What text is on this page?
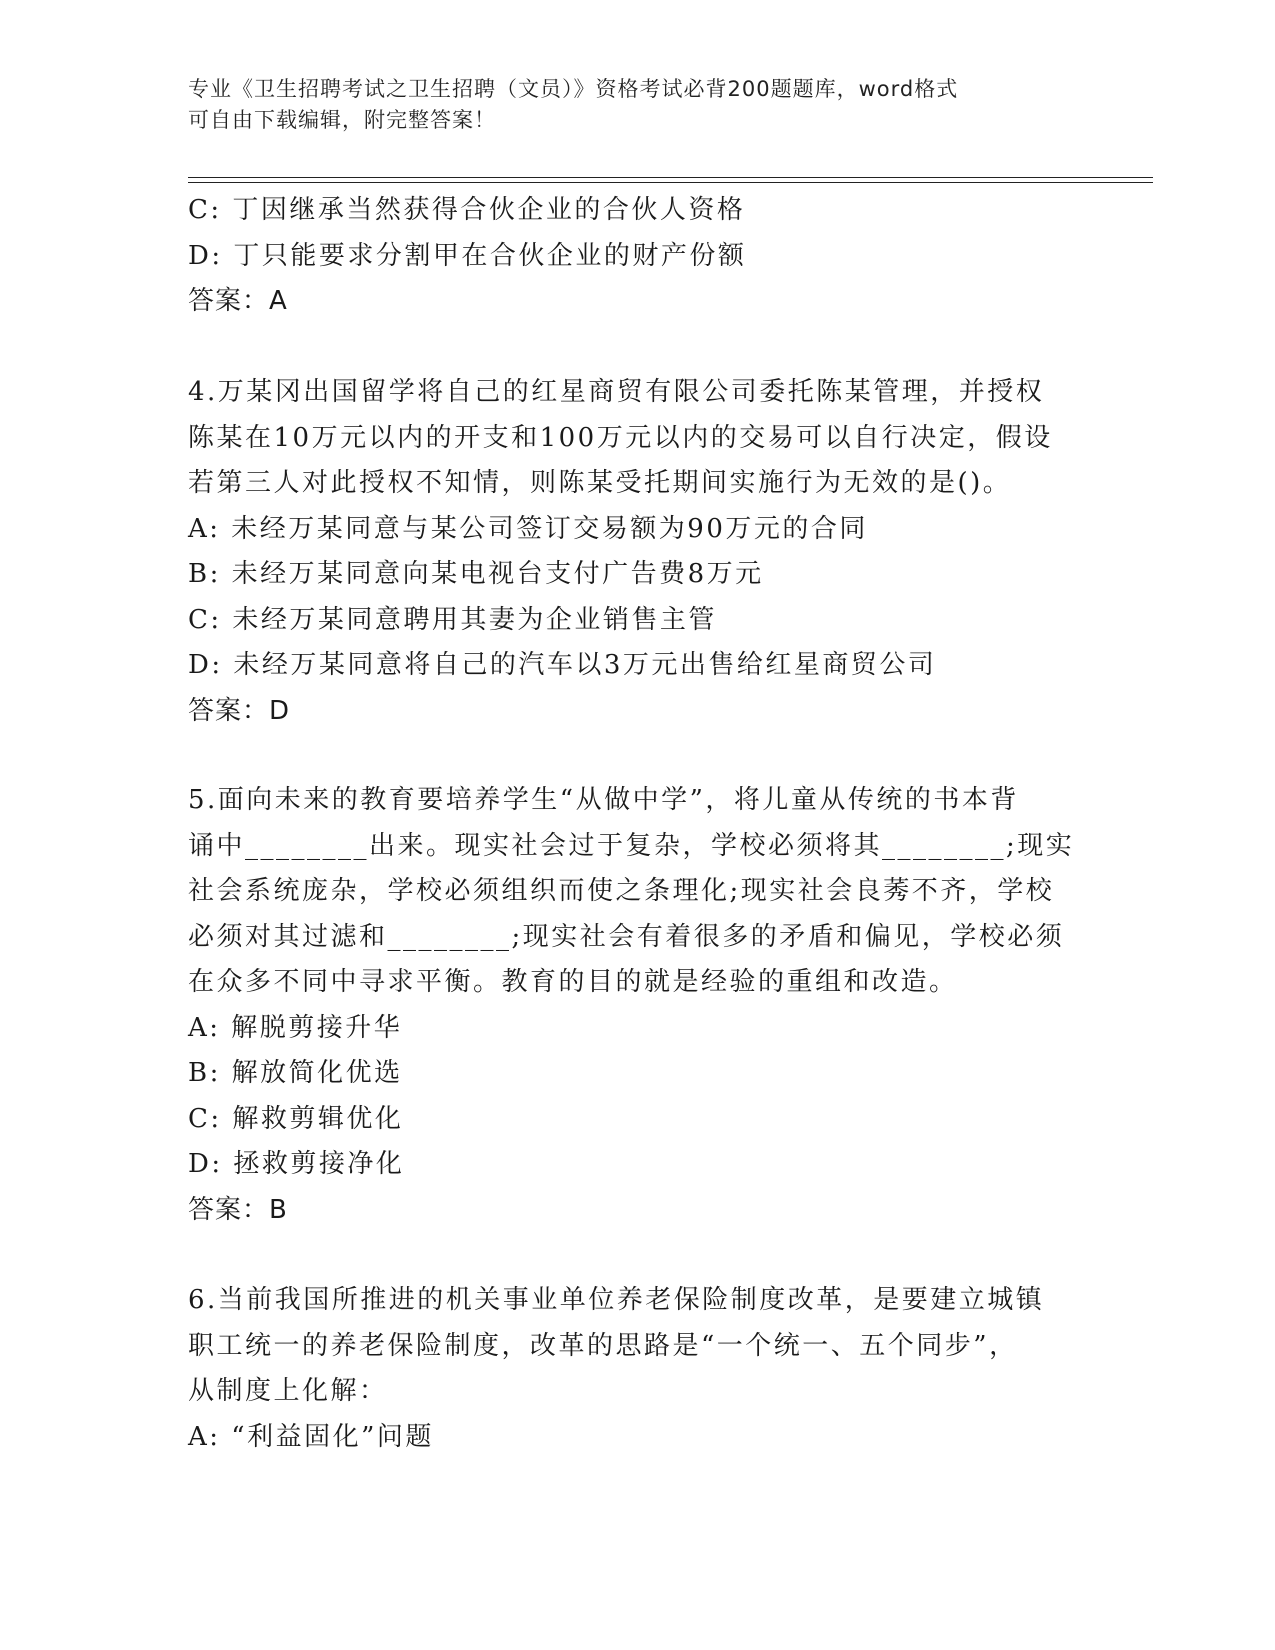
专业《卫生招聘考试之卫生招聘（文员）》资格考试必背200题题库，word格式
可自由下载编辑，附完整答案！
C: 丁因继承当然获得合伙企业的合伙人资格
D: 丁只能要求分割甲在合伙企业的财产份额
答案：A
4.万某冈出国留学将自己的红星商贸有限公司委托陈某管理，并授权
陈某在10万元以内的开支和100万元以内的交易可以自行决定，假设
若第三人对此授权不知情，则陈某受托期间实施行为无效的是()。
A: 未经万某同意与某公司签订交易额为90万元的合同
B: 未经万某同意向某电视台支付广告费8万元
C: 未经万某同意聘用其妻为企业销售主管
D: 未经万某同意将自己的汽车以3万元出售给红星商贸公司
答案：D
5.面向未来的教育要培养学生“从做中学”，将儿童从传统的书本背
诵中________出来。现实社会过于复杂，学校必须将其________;现实
社会系统庞杂，学校必须组织而使之条理化;现实社会良莠不齐，学校
必须对其过滤和________;现实社会有着很多的矛盾和偏见，学校必须
在众多不同中寻求平衡。教育的目的就是经验的重组和改造。
A: 解脱剪接升华
B: 解放简化优选
C: 解救剪辑优化
D: 拯救剪接净化
答案：B
6.当前我国所推进的机关事业单位养老保险制度改革，是要建立城镇
职工统一的养老保险制度，改革的思路是“一个统一、五个同步”，
从制度上化解：
A: “利益固化”问题
